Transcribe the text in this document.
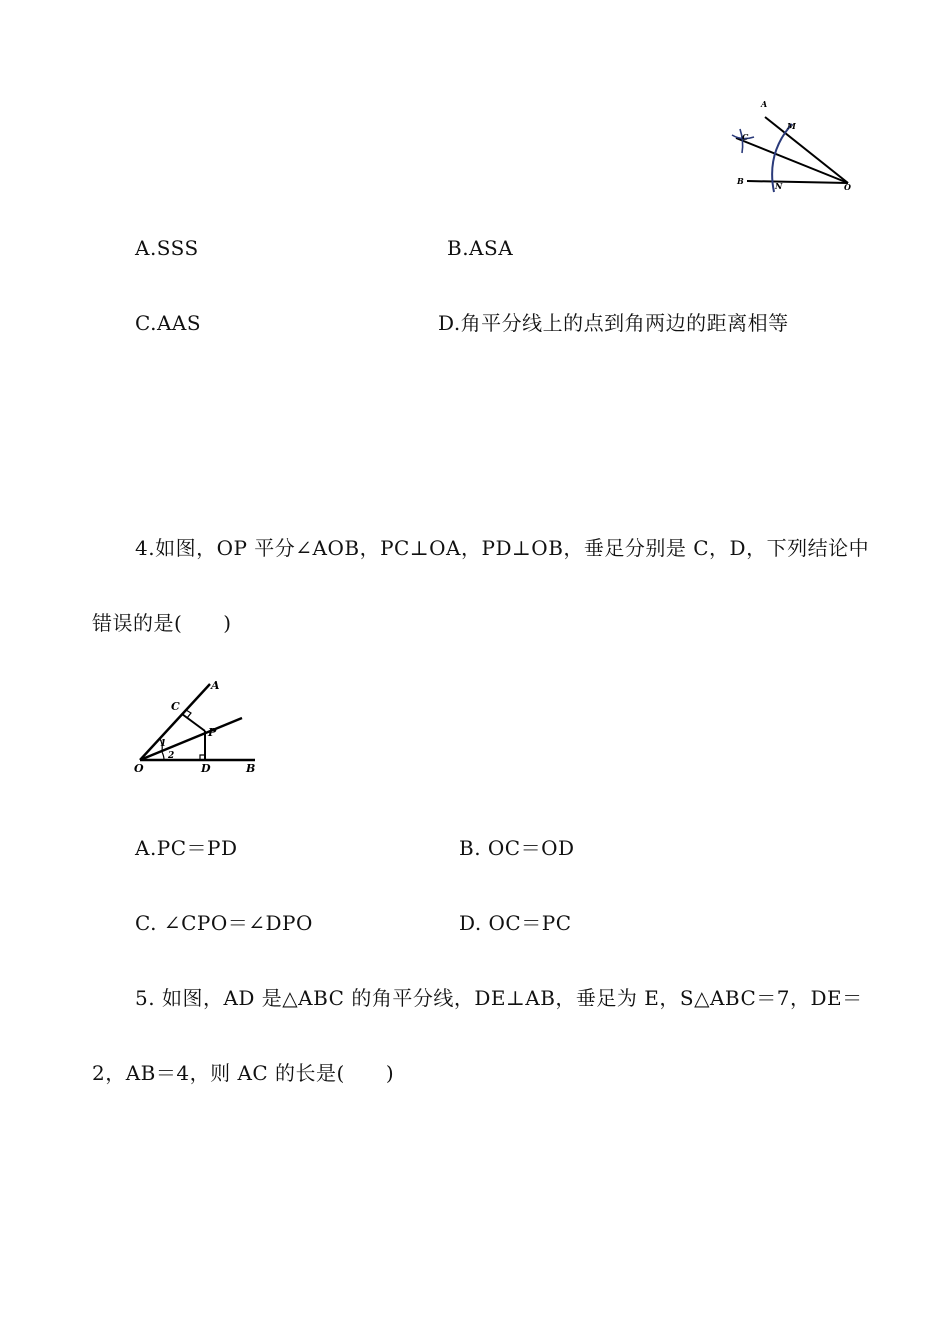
A
M
C
B	N	O
A.SSS	B.ASA
C.AAS	D.角平分线上的点到角两边的距离相等
4.如图，OP 平分∠AOB，PC⊥OA，PD⊥OB，垂足分别是 C，D，下列结论中
错误的是(　　)
A
C
P
1
2
O	D	B
A.PC＝PD	B. OC＝OD
C. ∠CPO＝∠DPO	D. OC＝PC
5. 如图，AD 是△ABC 的角平分线，DE⊥AB，垂足为 E，S△ABC＝7，DE＝
2，AB＝4，则 AC 的长是(　　)
